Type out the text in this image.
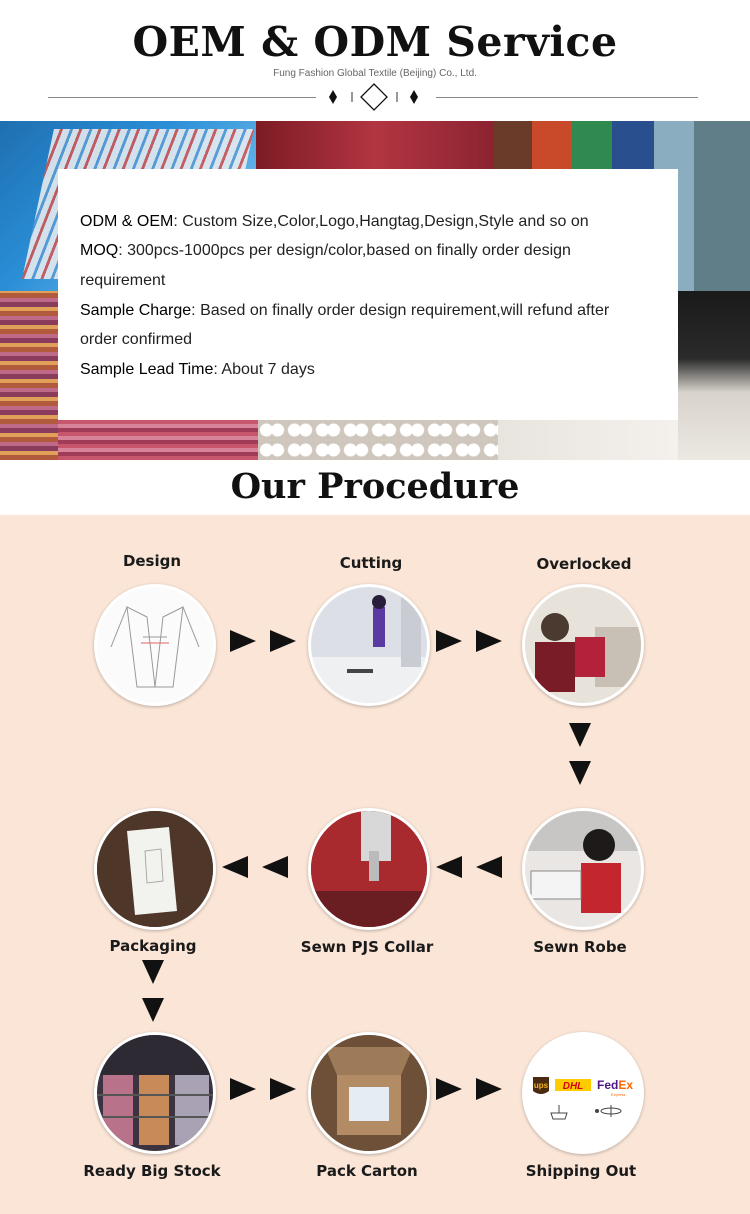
OEM & ODM Service
Fung Fashion Global Textile (Beijing) Co., Ltd.
ODM & OEM: Custom Size,Color,Logo,Hangtag,Design,Style and so on
MOQ: 300pcs-1000pcs per design/color,based on finally order design
requirement
Sample Charge: Based on finally order design requirement,will refund after
order confirmed
Sample Lead Time: About 7 days
Our Procedure
Design	Cutting	Overlocked
Sewn Robe
Sewn PJS Collar
Packaging
Ready Big Stock	Pack Carton	Shipping Out
ups DHL FedEx
Express
